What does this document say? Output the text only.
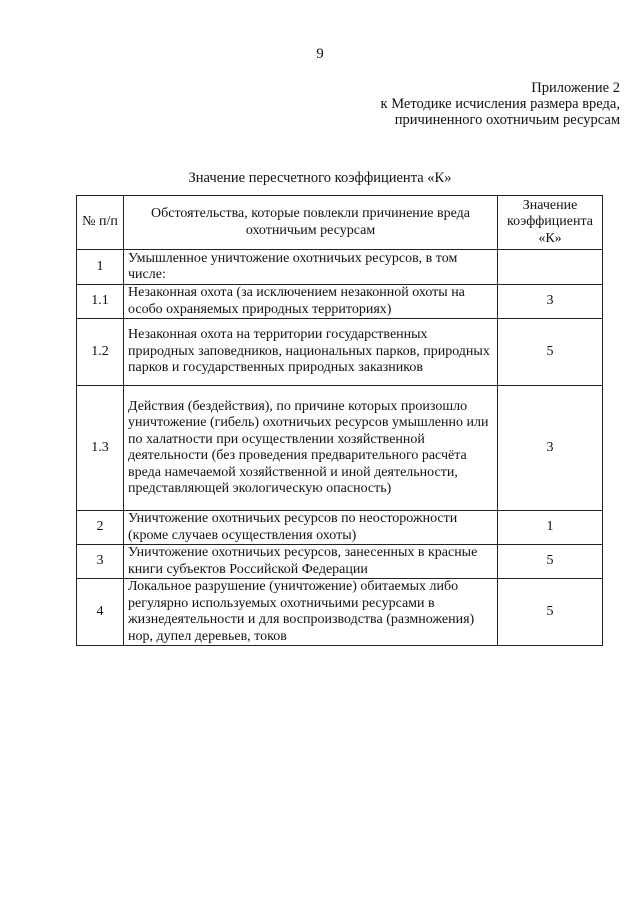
9
Приложение 2
к Методике исчисления размера вреда,
причиненного охотничьим ресурсам
Значение пересчетного коэффициента «К»
№ п/п	Обстоятельства, которые повлекли причинение вреда охотничьим ресурсам	Значение коэффициента «К»
1	Умышленное уничтожение охотничьих ресурсов, в том числе:	
1.1	Незаконная охота (за исключением незаконной охоты на особо охраняемых природных территориях)	3
1.2	Незаконная охота на территории государственных природных заповедников, национальных парков, природных парков и государственных природных заказников	5
1.3	Действия (бездействия), по причине которых произошло уничтожение (гибель) охотничьих ресурсов умышленно или по халатности при осуществлении хозяйственной деятельности (без проведения предварительного расчёта вреда намечаемой хозяйственной и иной деятельности, представляющей экологическую опасность)	3
2	Уничтожение охотничьих ресурсов по неосторожности (кроме случаев осуществления охоты)	1
3	Уничтожение охотничьих ресурсов, занесенных в красные книги субъектов Российской Федерации	5
4	Локальное разрушение (уничтожение) обитаемых либо регулярно используемых охотничьими ресурсами в жизнедеятельности и для воспроизводства (размножения) нор, дупел деревьев, токов	5
